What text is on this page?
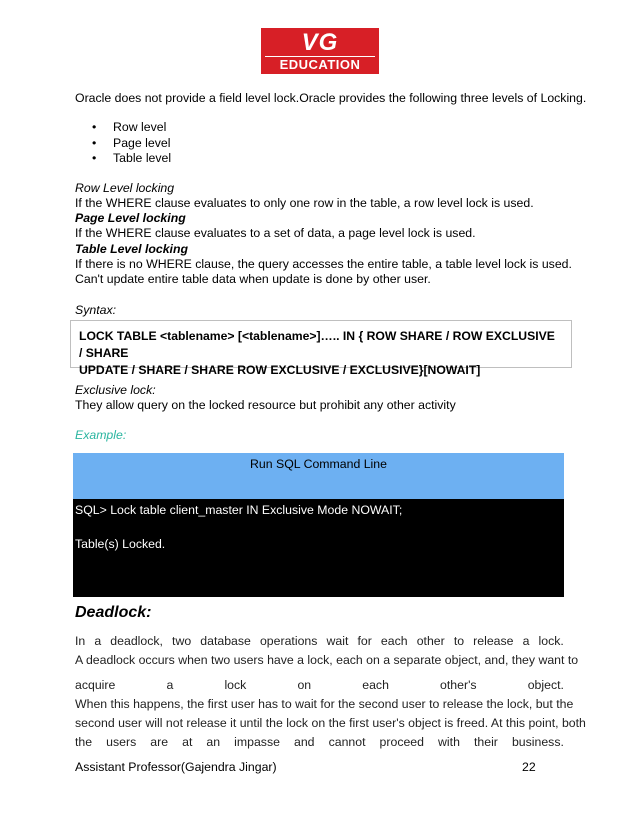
VG
EDUCATION
Oracle does not provide a field level lock.Oracle provides the following three levels of Locking.
• Row level
• Page level
• Table level
Row Level locking
If the WHERE clause evaluates to only one row in the table, a row level lock is used.
Page Level locking
If the WHERE clause evaluates to a set of data, a page level lock is used.
Table Level locking
If there is no WHERE clause, the query accesses the entire table, a table level lock is used.
Can't update entire table data when update is done by other user.
Syntax:
LOCK TABLE <tablename> [<tablename>]….. IN { ROW SHARE / ROW EXCLUSIVE / SHARE
UPDATE / SHARE / SHARE ROW EXCLUSIVE / EXCLUSIVE}[NOWAIT]
Exclusive lock:
They allow query on the locked resource but prohibit any other activity
Example:
Run SQL Command Line
SQL> Lock table client_master IN Exclusive Mode NOWAIT;
Table(s) Locked.
Deadlock:
In a deadlock, two database operations wait for each other to release a lock.
A deadlock occurs when two users have a lock, each on a separate object, and, they want to
acquire	a	lock	on	each	other's	object.
When this happens, the first user has to wait for the second user to release the lock, but the
second user will not release it until the lock on the first user's object is freed. At this point, both
the users are at an impasse and cannot proceed with their business.
Assistant Professor(Gajendra Jingar)	22
